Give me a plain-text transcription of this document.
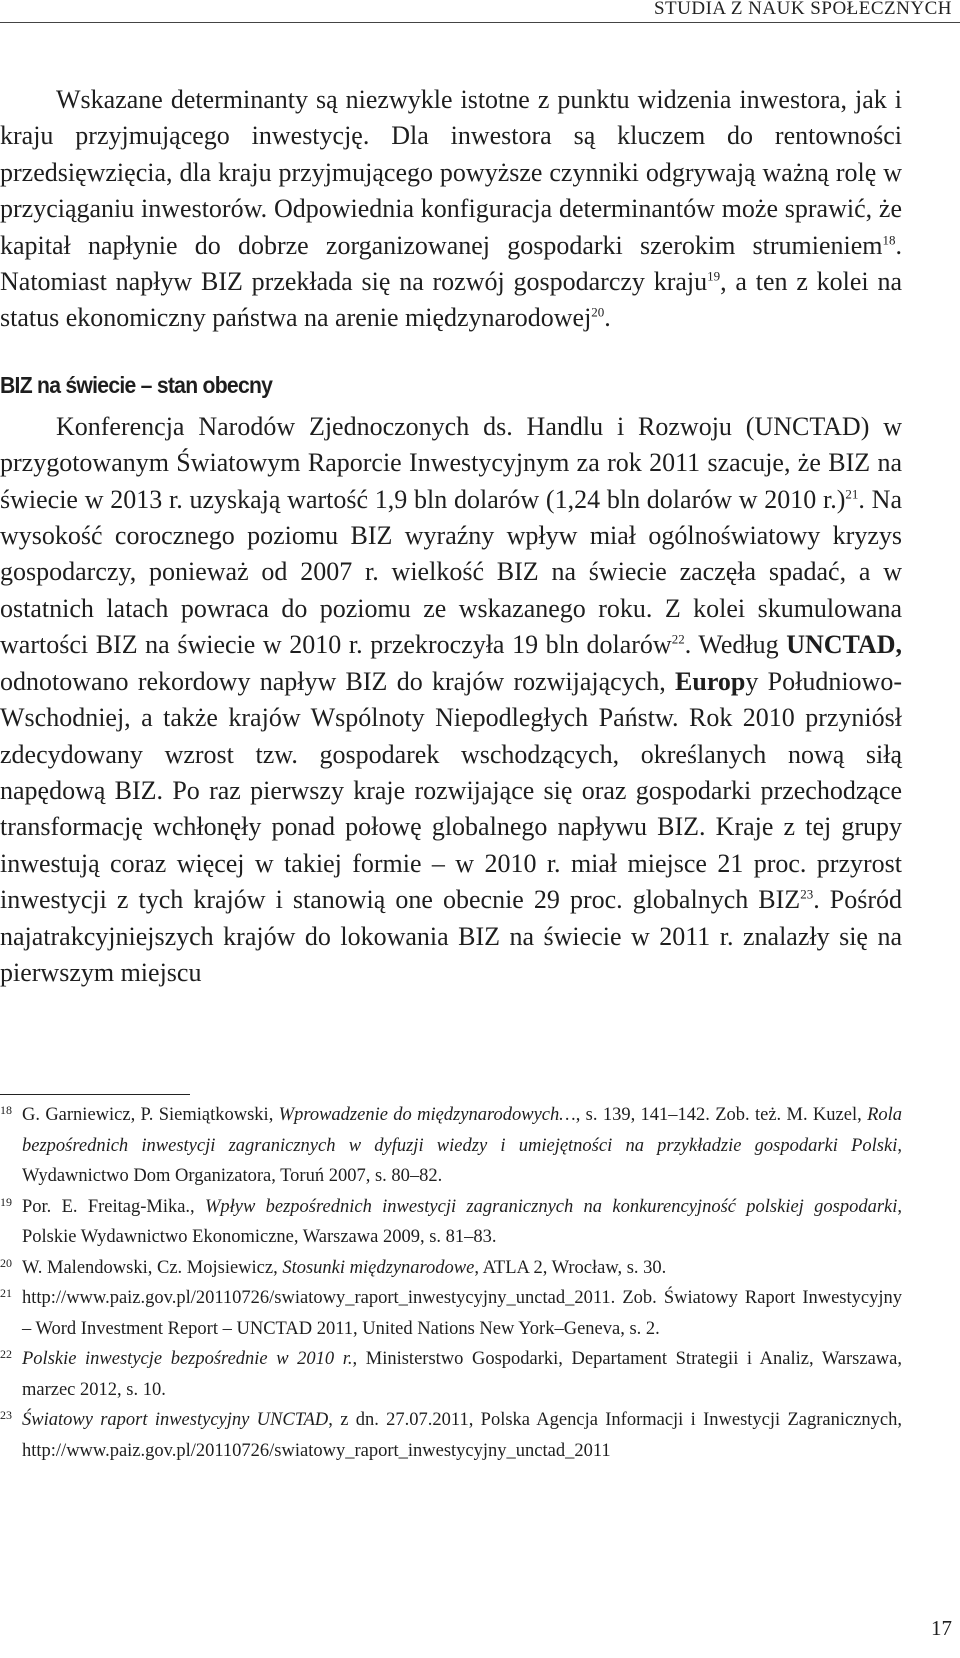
STUDIA Z NAUK SPOŁECZNYCH

Wskazane determinanty są niezwykle istotne z punktu widzenia inwestora, jak i kraju przyjmującego inwestycję. Dla inwestora są kluczem do rentowności przedsięwzięcia, dla kraju przyjmującego powyższe czynniki odgrywają ważną rolę w przyciąganiu inwestorów. Odpowiednia konfiguracja determinantów może sprawić, że kapitał napłynie do dobrze zorganizowanej gospodarki szerokim strumieniem$^{18}$. Natomiast napływ BIZ przekłada się na rozwój gospodarczy kraju$^{19}$, a ten z kolei na status ekonomiczny państwa na arenie międzynarodowej$^{20}$.

BIZ na świecie – stan obecny

Konferencja Narodów Zjednoczonych ds. Handlu i Rozwoju (UNCTAD) w przygotowanym Światowym Raporcie Inwestycyjnym za rok 2011 szacuje, że BIZ na świecie w 2013 r. uzyskają wartość 1,9 bln dolarów (1,24 bln dolarów w 2010 r.)$^{21}$. Na wysokość corocznego poziomu BIZ wyraźny wpływ miał ogólnoświatowy kryzys gospodarczy, ponieważ od 2007 r. wielkość BIZ na świecie zaczęła spadać, a w ostatnich latach powraca do poziomu ze wskazanego roku. Z kolei skumulowana wartości BIZ na świecie w 2010 r. przekroczyła 19 bln dolarów$^{22}$. Według UNCTAD, odnotowano rekordowy napływ BIZ do krajów rozwijających, Europy Południowo-Wschodniej, a także krajów Wspólnoty Niepodległych Państw. Rok 2010 przyniósł zdecydowany wzrost tzw. gospodarek wschodzących, określanych nową siłą napędową BIZ. Po raz pierwszy kraje rozwijające się oraz gospodarki przechodzące transformację wchłonęły ponad połowę globalnego napływu BIZ. Kraje z tej grupy inwestują coraz więcej w takiej formie – w 2010 r. miał miejsce 21 proc. przyrost inwestycji z tych krajów i stanowią one obecnie 29 proc. globalnych BIZ$^{23}$. Pośród najatrakcyjniejszych krajów do lokowania BIZ na świecie w 2011 r. znalazły się na pierwszym miejscu

18 G. Garniewicz, P. Siemiątkowski, Wprowadzenie do międzynarodowych…, s. 139, 141–142. Zob. też. M. Kuzel, Rola bezpośrednich inwestycji zagranicznych w dyfuzji wiedzy i umiejętności na przykładzie gospodarki Polski, Wydawnictwo Dom Organizatora, Toruń 2007, s. 80–82.

19 Por. E. Freitag-Mika., Wpływ bezpośrednich inwestycji zagranicznych na konkurencyjność polskiej gospodarki, Polskie Wydawnictwo Ekonomiczne, Warszawa 2009, s. 81–83.

20 W. Malendowski, Cz. Mojsiewicz, Stosunki międzynarodowe, ATLA 2, Wrocław, s. 30.

21 http://www.paiz.gov.pl/20110726/swiatowy_raport_inwestycyjny_unctad_2011. Zob. Światowy Raport Inwestycyjny – Word Investment Report – UNCTAD 2011, United Nations New York–Geneva, s. 2.

22 Polskie inwestycje bezpośrednie w 2010 r., Ministerstwo Gospodarki, Departament Strategii i Analiz, Warszawa, marzec 2012, s. 10.

23 Światowy raport inwestycyjny UNCTAD, z dn. 27.07.2011, Polska Agencja Informacji i Inwestycji Zagranicznych, http://www.paiz.gov.pl/20110726/swiatowy_raport_inwestycyjny_unctad_2011

17
